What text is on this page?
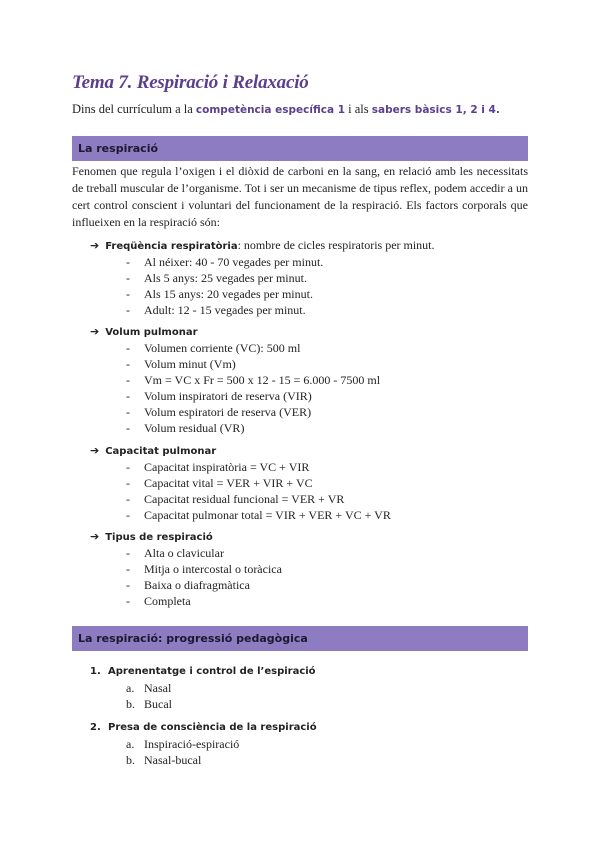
Tema 7. Respiració i Relaxació
Dins del currículum a la competència específica 1 i als sabers bàsics 1, 2 i 4.
La respiració
Fenomen que regula l’oxigen i el diòxid de carboni en la sang, en relació amb les necessitats de treball muscular de l’organisme. Tot i ser un mecanisme de tipus reflex, podem accedir a un cert control conscient i voluntari del funcionament de la respiració. Els factors corporals que influeixen en la respiració són:
➔ Freqüència respiratòria: nombre de cicles respiratoris per minut.
- Al néixer: 40 - 70 vegades per minut.
- Als 5 anys: 25 vegades per minut.
- Als 15 anys: 20 vegades per minut.
- Adult: 12 - 15 vegades per minut.
➔ Volum pulmonar
- Volumen corriente (VC): 500 ml
- Volum minut (Vm)
- Vm = VC x Fr = 500 x 12 - 15 = 6.000 - 7500 ml
- Volum inspiratori de reserva (VIR)
- Volum espiratori de reserva (VER)
- Volum residual (VR)
➔ Capacitat pulmonar
- Capacitat inspiratòria = VC + VIR
- Capacitat vital = VER + VIR + VC
- Capacitat residual funcional = VER + VR
- Capacitat pulmonar total = VIR + VER + VC + VR
➔ Tipus de respiració
- Alta o clavicular
- Mitja o intercostal o toràcica
- Baixa o diafragmàtica
- Completa
La respiració: progressió pedagògica
1. Aprenentatge i control de l’espiració
a. Nasal
b. Bucal
2. Presa de consciència de la respiració
a. Inspiració-espiració
b. Nasal-bucal
